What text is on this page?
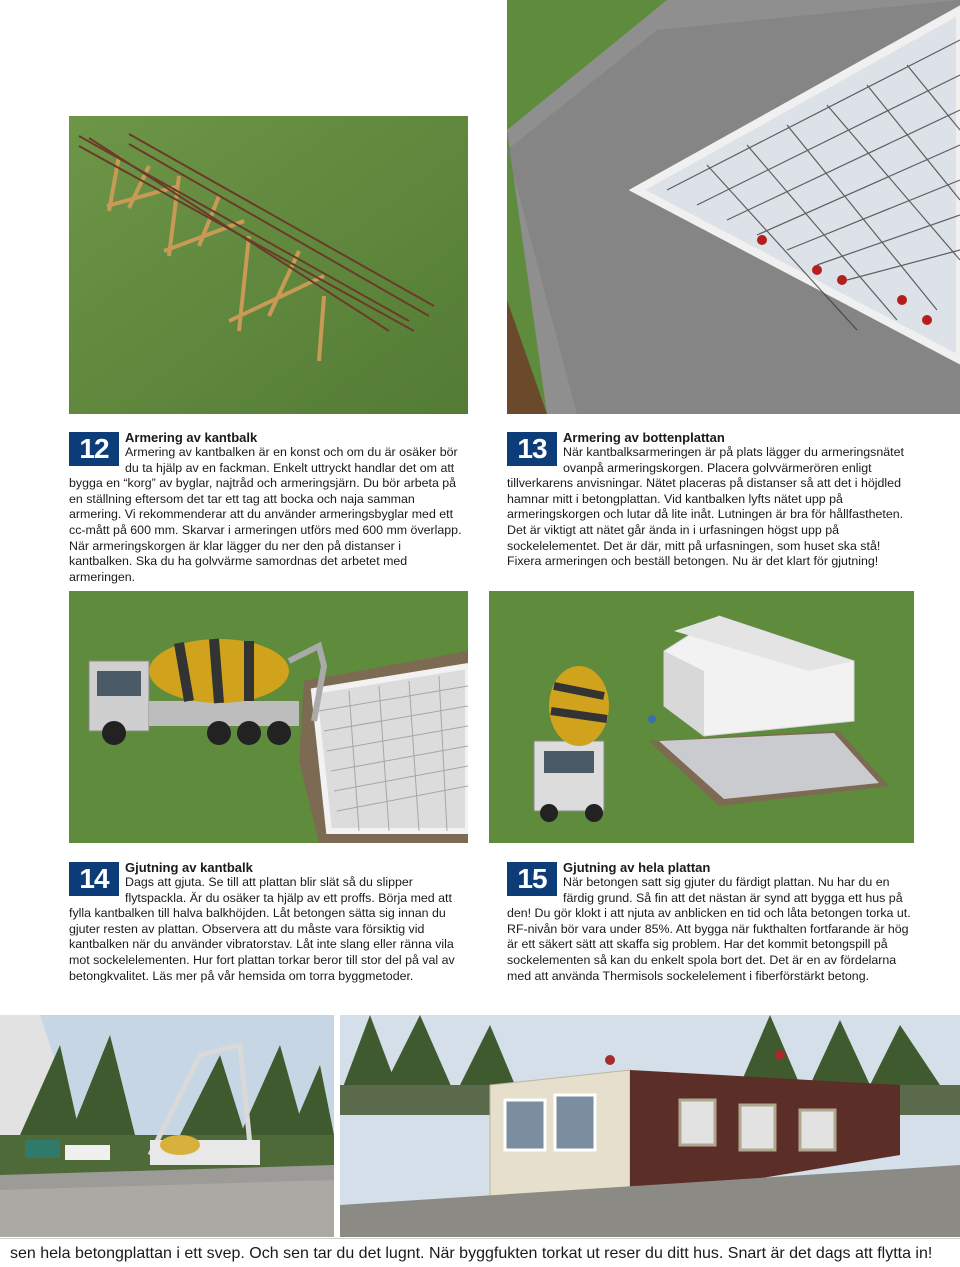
12	Armering av kantbalk
Armering av kantbalken är en konst och om du är osäker bör du ta hjälp av en fackman. Enkelt uttryckt handlar det om att bygga en “korg” av byglar, najtråd och armeringsjärn. Du bör arbeta på en ställning eftersom det tar ett tag att bocka och naja samman armering. Vi rekommenderar att du använder armeringsbyglar med ett cc-mått på 600 mm. Skarvar i armeringen utförs med 600 mm överlapp. När armeringskorgen är klar lägger du ner den på distanser i kantbalken. Ska du ha golvvärme samordnas det arbetet med armeringen.
13	Armering av bottenplattan
När kantbalksarmeringen är på plats lägger du armeringsnätet ovanpå armeringskorgen. Placera golvvärmerören enligt tillverkarens anvisningar. Nätet placeras på distanser så att det i höjdled hamnar mitt i betongplattan. Vid kantbalken lyfts nätet upp på armeringskorgen och lutar då lite inåt. Lutningen är bra för hållfastheten. Det är viktigt att nätet går ända in i urfasningen högst upp på sockelelementet. Det är där, mitt på urfasningen, som huset ska stå! Fixera armeringen och beställ betongen. Nu är det klart för gjutning!
14	Gjutning av kantbalk
Dags att gjuta. Se till att plattan blir slät så du slipper flytspackla. Är du osäker ta hjälp av ett proffs. Börja med att fylla kantbalken till halva balkhöjden. Låt betongen sätta sig innan du gjuter resten av plattan. Observera att du måste vara försiktig vid kantbalken när du använder vibratorstav. Låt inte slang eller ränna vila mot sockelelementen. Hur fort plattan torkar beror till stor del på val av betongkvalitet. Läs mer på vår hemsida om torra byggmetoder.
15	Gjutning av hela plattan
När betongen satt sig gjuter du färdigt plattan. Nu har du en färdig grund. Så fin att det nästan är synd att bygga ett hus på den! Du gör klokt i att njuta av anblicken en tid och låta betongen torka ut. RF-nivån bör vara under 85%. Att bygga när fukthalten fortfarande är hög är ett säkert sätt att skaffa sig problem. Har det kommit betongspill på sockelementen så kan du enkelt spola bort det. Det är en av fördelarna med att använda Thermisols sockelelement i fiberförstärkt betong.
sen hela betongplattan i ett svep. Och sen tar du det lugnt. När byggfukten torkat ut reser du ditt hus. Snart är det dags att flytta in!
